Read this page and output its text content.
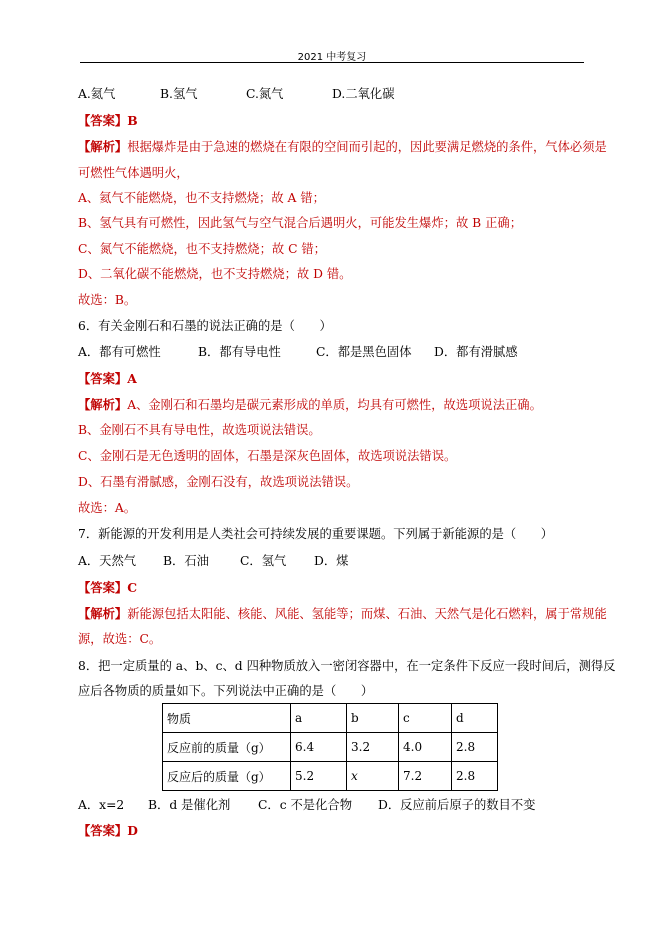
2021 中考复习
A.氦气	B.氢气	C.氮气	D.二氧化碳
【答案】B
【解析】根据爆炸是由于急速的燃烧在有限的空间而引起的，因此要满足燃烧的条件，气体必须是
可燃性气体遇明火，
A、氦气不能燃烧，也不支持燃烧；故 A 错；
B、氢气具有可燃性，因此氢气与空气混合后遇明火，可能发生爆炸；故 B 正确；
C、氮气不能燃烧，也不支持燃烧；故 C 错；
D、二氧化碳不能燃烧，也不支持燃烧；故 D 错。
故选：B。
6．有关金刚石和石墨的说法正确的是（　　）
A．都有可燃性	B．都有导电性	C．都是黑色固体 D．都有滑腻感
【答案】A
【解析】A、金刚石和石墨均是碳元素形成的单质，均具有可燃性，故选项说法正确。
B、金刚石不具有导电性，故选项说法错误。
C、金刚石是无色透明的固体，石墨是深灰色固体，故选项说法错误。
D、石墨有滑腻感，金刚石没有，故选项说法错误。
故选：A。
7．新能源的开发利用是人类社会可持续发展的重要课题。下列属于新能源的是（　　）
A．天然气 B．石油	C．氢气 D．煤
【答案】C
【解析】新能源包括太阳能、核能、风能、氢能等；而煤、石油、天然气是化石燃料，属于常规能
源，故选：C。
8．把一定质量的 a、b、c、d 四种物质放入一密闭容器中，在一定条件下反应一段时间后，测得反
应后各物质的质量如下。下列说法中正确的是（　　）
物质	a	b	c	d
反应前的质量（g）	6.4	3.2	4.0	2.8
反应后的质量（g）	5.2	x	7.2	2.8
A．x=2 B．d 是催化剂 C．c 不是化合物 D．反应前后原子的数目不变
【答案】D
